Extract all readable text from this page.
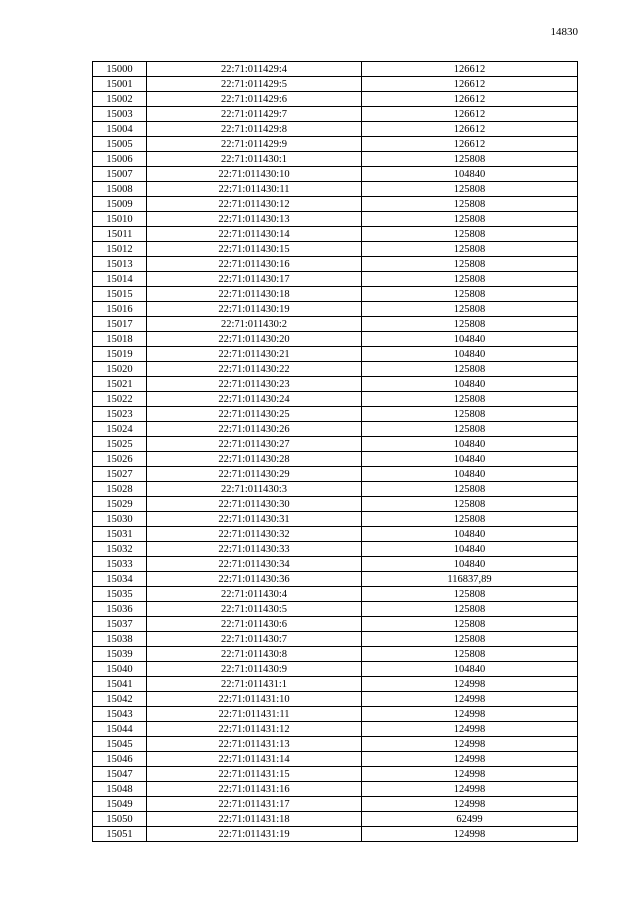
14830
15000	22:71:011429:4	126612
15001	22:71:011429:5	126612
15002	22:71:011429:6	126612
15003	22:71:011429:7	126612
15004	22:71:011429:8	126612
15005	22:71:011429:9	126612
15006	22:71:011430:1	125808
15007	22:71:011430:10	104840
15008	22:71:011430:11	125808
15009	22:71:011430:12	125808
15010	22:71:011430:13	125808
15011	22:71:011430:14	125808
15012	22:71:011430:15	125808
15013	22:71:011430:16	125808
15014	22:71:011430:17	125808
15015	22:71:011430:18	125808
15016	22:71:011430:19	125808
15017	22:71:011430:2	125808
15018	22:71:011430:20	104840
15019	22:71:011430:21	104840
15020	22:71:011430:22	125808
15021	22:71:011430:23	104840
15022	22:71:011430:24	125808
15023	22:71:011430:25	125808
15024	22:71:011430:26	125808
15025	22:71:011430:27	104840
15026	22:71:011430:28	104840
15027	22:71:011430:29	104840
15028	22:71:011430:3	125808
15029	22:71:011430:30	125808
15030	22:71:011430:31	125808
15031	22:71:011430:32	104840
15032	22:71:011430:33	104840
15033	22:71:011430:34	104840
15034	22:71:011430:36	116837,89
15035	22:71:011430:4	125808
15036	22:71:011430:5	125808
15037	22:71:011430:6	125808
15038	22:71:011430:7	125808
15039	22:71:011430:8	125808
15040	22:71:011430:9	104840
15041	22:71:011431:1	124998
15042	22:71:011431:10	124998
15043	22:71:011431:11	124998
15044	22:71:011431:12	124998
15045	22:71:011431:13	124998
15046	22:71:011431:14	124998
15047	22:71:011431:15	124998
15048	22:71:011431:16	124998
15049	22:71:011431:17	124998
15050	22:71:011431:18	62499
15051	22:71:011431:19	124998
